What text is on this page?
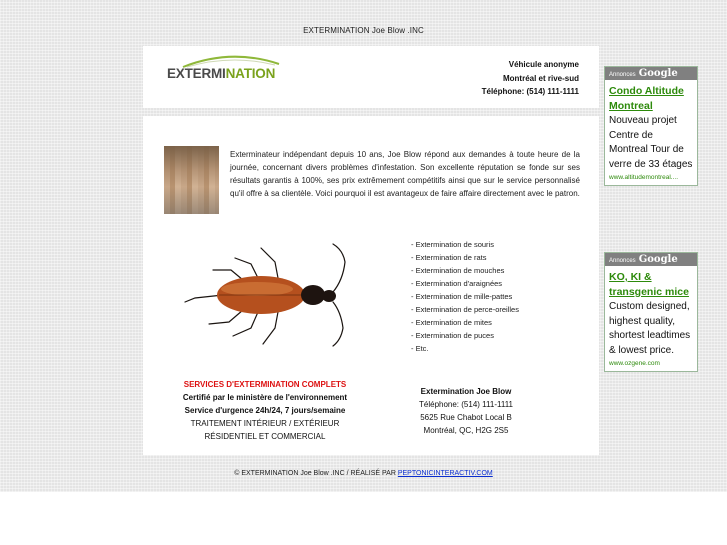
EXTERMINATION Joe Blow .INC
EXTERMINATION
Véhicule anonyme
Montréal et rive-sud
Téléphone: (514) 111-1111
Exterminateur indépendant depuis 10 ans, Joe Blow répond aux demandes à toute heure de la journée, concernant divers problèmes d'infestation. Son excellente réputation se fonde sur ses résultats garantis à 100%, ses prix extrêmement compétitifs ainsi que sur le service personnalisé qu'il offre à sa clientèle. Voici pourquoi il est avantageux de faire affaire directement avec le patron.
- Extermination de souris
- Extermination de rats
- Extermination de mouches
- Extermination d'araignées
- Extermination de mille-pattes
- Extermination de perce-oreilles
- Extermination de mites
- Extermination de puces
- Etc.
SERVICES D'EXTERMINATION COMPLETS
Certifié par le ministère de l'environnement
Service d'urgence 24h/24, 7 jours/semaine
TRAITEMENT INTÉRIEUR / EXTÉRIEUR
RÉSIDENTIEL ET COMMERCIAL
Extermination Joe Blow
Téléphone: (514) 111-1111
5625 Rue Chabot Local B
Montréal, QC, H2G 2S5
© EXTERMINATION Joe Blow .INC / RÉALISÉ PAR PEPTONICINTERACTIV.COM
Annonces Google
Condo Altitude
Montreal
Nouveau projet Centre de Montreal Tour de verre de 33 étages
www.altitudemontreal....
Annonces Google
KO, KI &
transgenic mice
Custom designed, highest quality, shortest leadtimes & lowest price.
www.ozgene.com
